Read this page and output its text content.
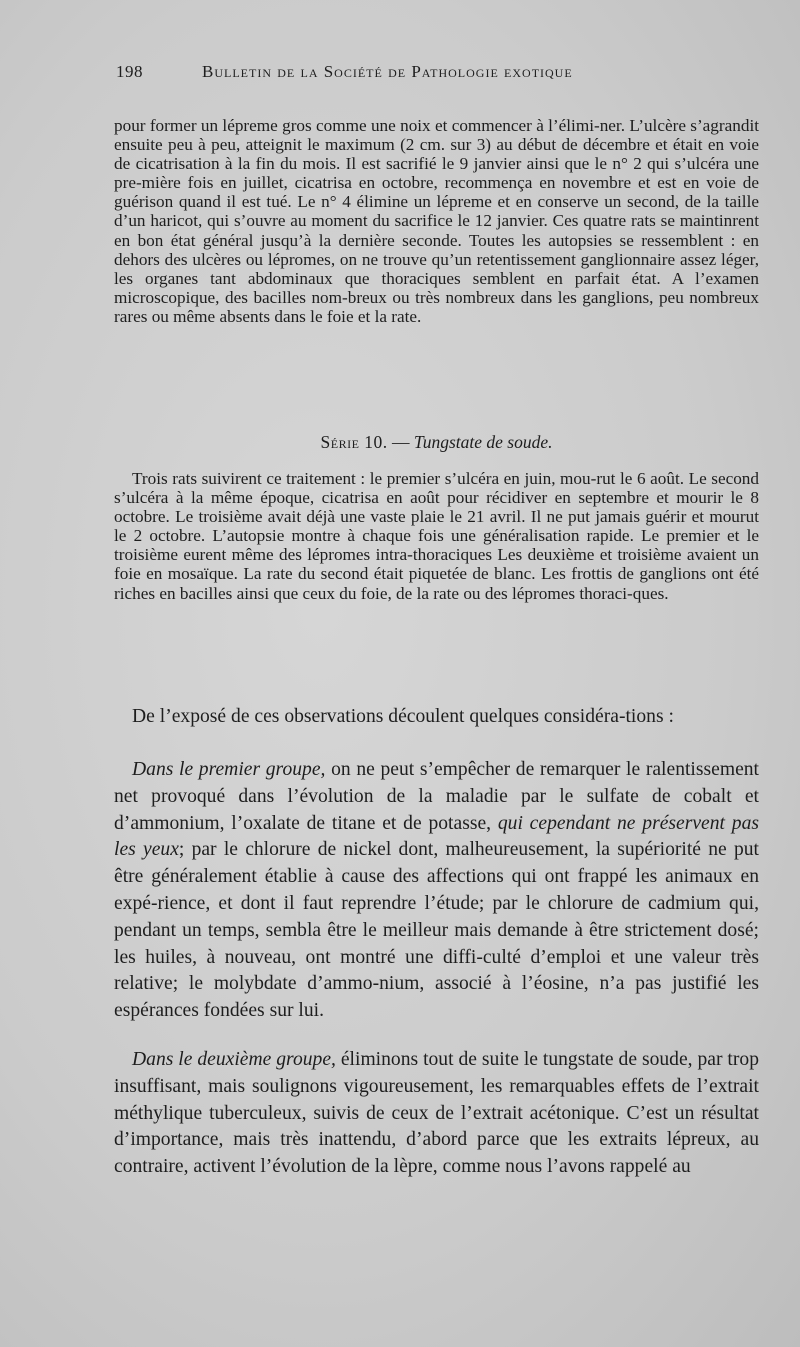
198	Bulletin de la Société de Pathologie exotique

pour former un lépreme gros comme une noix et commencer à l’élimi-ner. L’ulcère s’agrandit ensuite peu à peu, atteignit le maximum (2 cm. sur 3) au début de décembre et était en voie de cicatrisation à la fin du mois. Il est sacrifié le 9 janvier ainsi que le n° 2 qui s’ulcéra une pre-mière fois en juillet, cicatrisa en octobre, recommença en novembre et est en voie de guérison quand il est tué. Le n° 4 élimine un lépreme et en conserve un second, de la taille d’un haricot, qui s’ouvre au moment du sacrifice le 12 janvier. Ces quatre rats se maintinrent en bon état général jusqu’à la dernière seconde. Toutes les autopsies se ressemblent : en dehors des ulcères ou lépromes, on ne trouve qu’un retentissement ganglionnaire assez léger, les organes tant abdominaux que thoraciques semblent en parfait état. A l’examen microscopique, des bacilles nom-breux ou très nombreux dans les ganglions, peu nombreux rares ou même absents dans le foie et la rate.

Série 10. — Tungstate de soude.

Trois rats suivirent ce traitement : le premier s’ulcéra en juin, mou-rut le 6 août. Le second s’ulcéra à la même époque, cicatrisa en août pour récidiver en septembre et mourir le 8 octobre. Le troisième avait déjà une vaste plaie le 21 avril. Il ne put jamais guérir et mourut le 2 octobre. L’autopsie montre à chaque fois une généralisation rapide. Le premier et le troisième eurent même des lépromes intra-thoraciques Les deuxième et troisième avaient un foie en mosaïque. La rate du second était piquetée de blanc. Les frottis de ganglions ont été riches en bacilles ainsi que ceux du foie, de la rate ou des lépromes thoraci-ques.

De l’exposé de ces observations découlent quelques considéra-tions :

Dans le premier groupe, on ne peut s’empêcher de remarquer le ralentissement net provoqué dans l’évolution de la maladie par le sulfate de cobalt et d’ammonium, l’oxalate de titane et de potasse, qui cependant ne préservent pas les yeux; par le chlorure de nickel dont, malheureusement, la supériorité ne put être généralement établie à cause des affections qui ont frappé les animaux en expé-rience, et dont il faut reprendre l’étude; par le chlorure de cadmium qui, pendant un temps, sembla être le meilleur mais demande à être strictement dosé; les huiles, à nouveau, ont montré une diffi-culté d’emploi et une valeur très relative; le molybdate d’ammo-nium, associé à l’éosine, n’a pas justifié les espérances fondées sur lui.

Dans le deuxième groupe, éliminons tout de suite le tungstate de soude, par trop insuffisant, mais soulignons vigoureusement, les remarquables effets de l’extrait méthylique tuberculeux, suivis de ceux de l’extrait acétonique. C’est un résultat d’importance, mais très inattendu, d’abord parce que les extraits lépreux, au contraire, activent l’évolution de la lèpre, comme nous l’avons rappelé au
